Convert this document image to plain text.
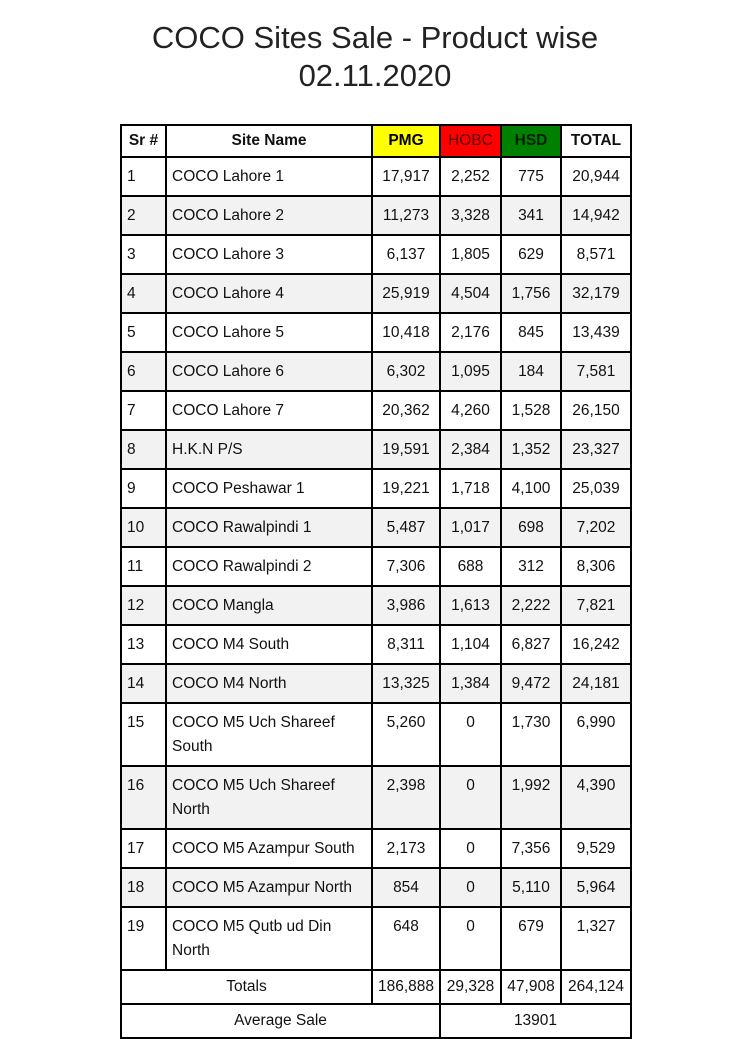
COCO Sites Sale - Product wise
02.11.2020
Sr #	Site Name	PMG	HOBC	HSD	TOTAL
1	COCO Lahore 1	17,917	2,252	775	20,944
2	COCO Lahore 2	11,273	3,328	341	14,942
3	COCO Lahore 3	6,137	1,805	629	8,571
4	COCO Lahore 4	25,919	4,504	1,756	32,179
5	COCO Lahore 5	10,418	2,176	845	13,439
6	COCO Lahore 6	6,302	1,095	184	7,581
7	COCO Lahore 7	20,362	4,260	1,528	26,150
8	H.K.N P/S	19,591	2,384	1,352	23,327
9	COCO Peshawar 1	19,221	1,718	4,100	25,039
10	COCO Rawalpindi 1	5,487	1,017	698	7,202
11	COCO Rawalpindi 2	7,306	688	312	8,306
12	COCO Mangla	3,986	1,613	2,222	7,821
13	COCO M4 South	8,311	1,104	6,827	16,242
14	COCO M4 North	13,325	1,384	9,472	24,181
15	COCO M5 Uch Shareef South	5,260	0	1,730	6,990
16	COCO M5 Uch Shareef North	2,398	0	1,992	4,390
17	COCO M5 Azampur South	2,173	0	7,356	9,529
18	COCO M5 Azampur North	854	0	5,110	5,964
19	COCO M5 Qutb ud Din North	648	0	679	1,327
Totals		186,888	29,328	47,908	264,124
Average Sale			13901		
